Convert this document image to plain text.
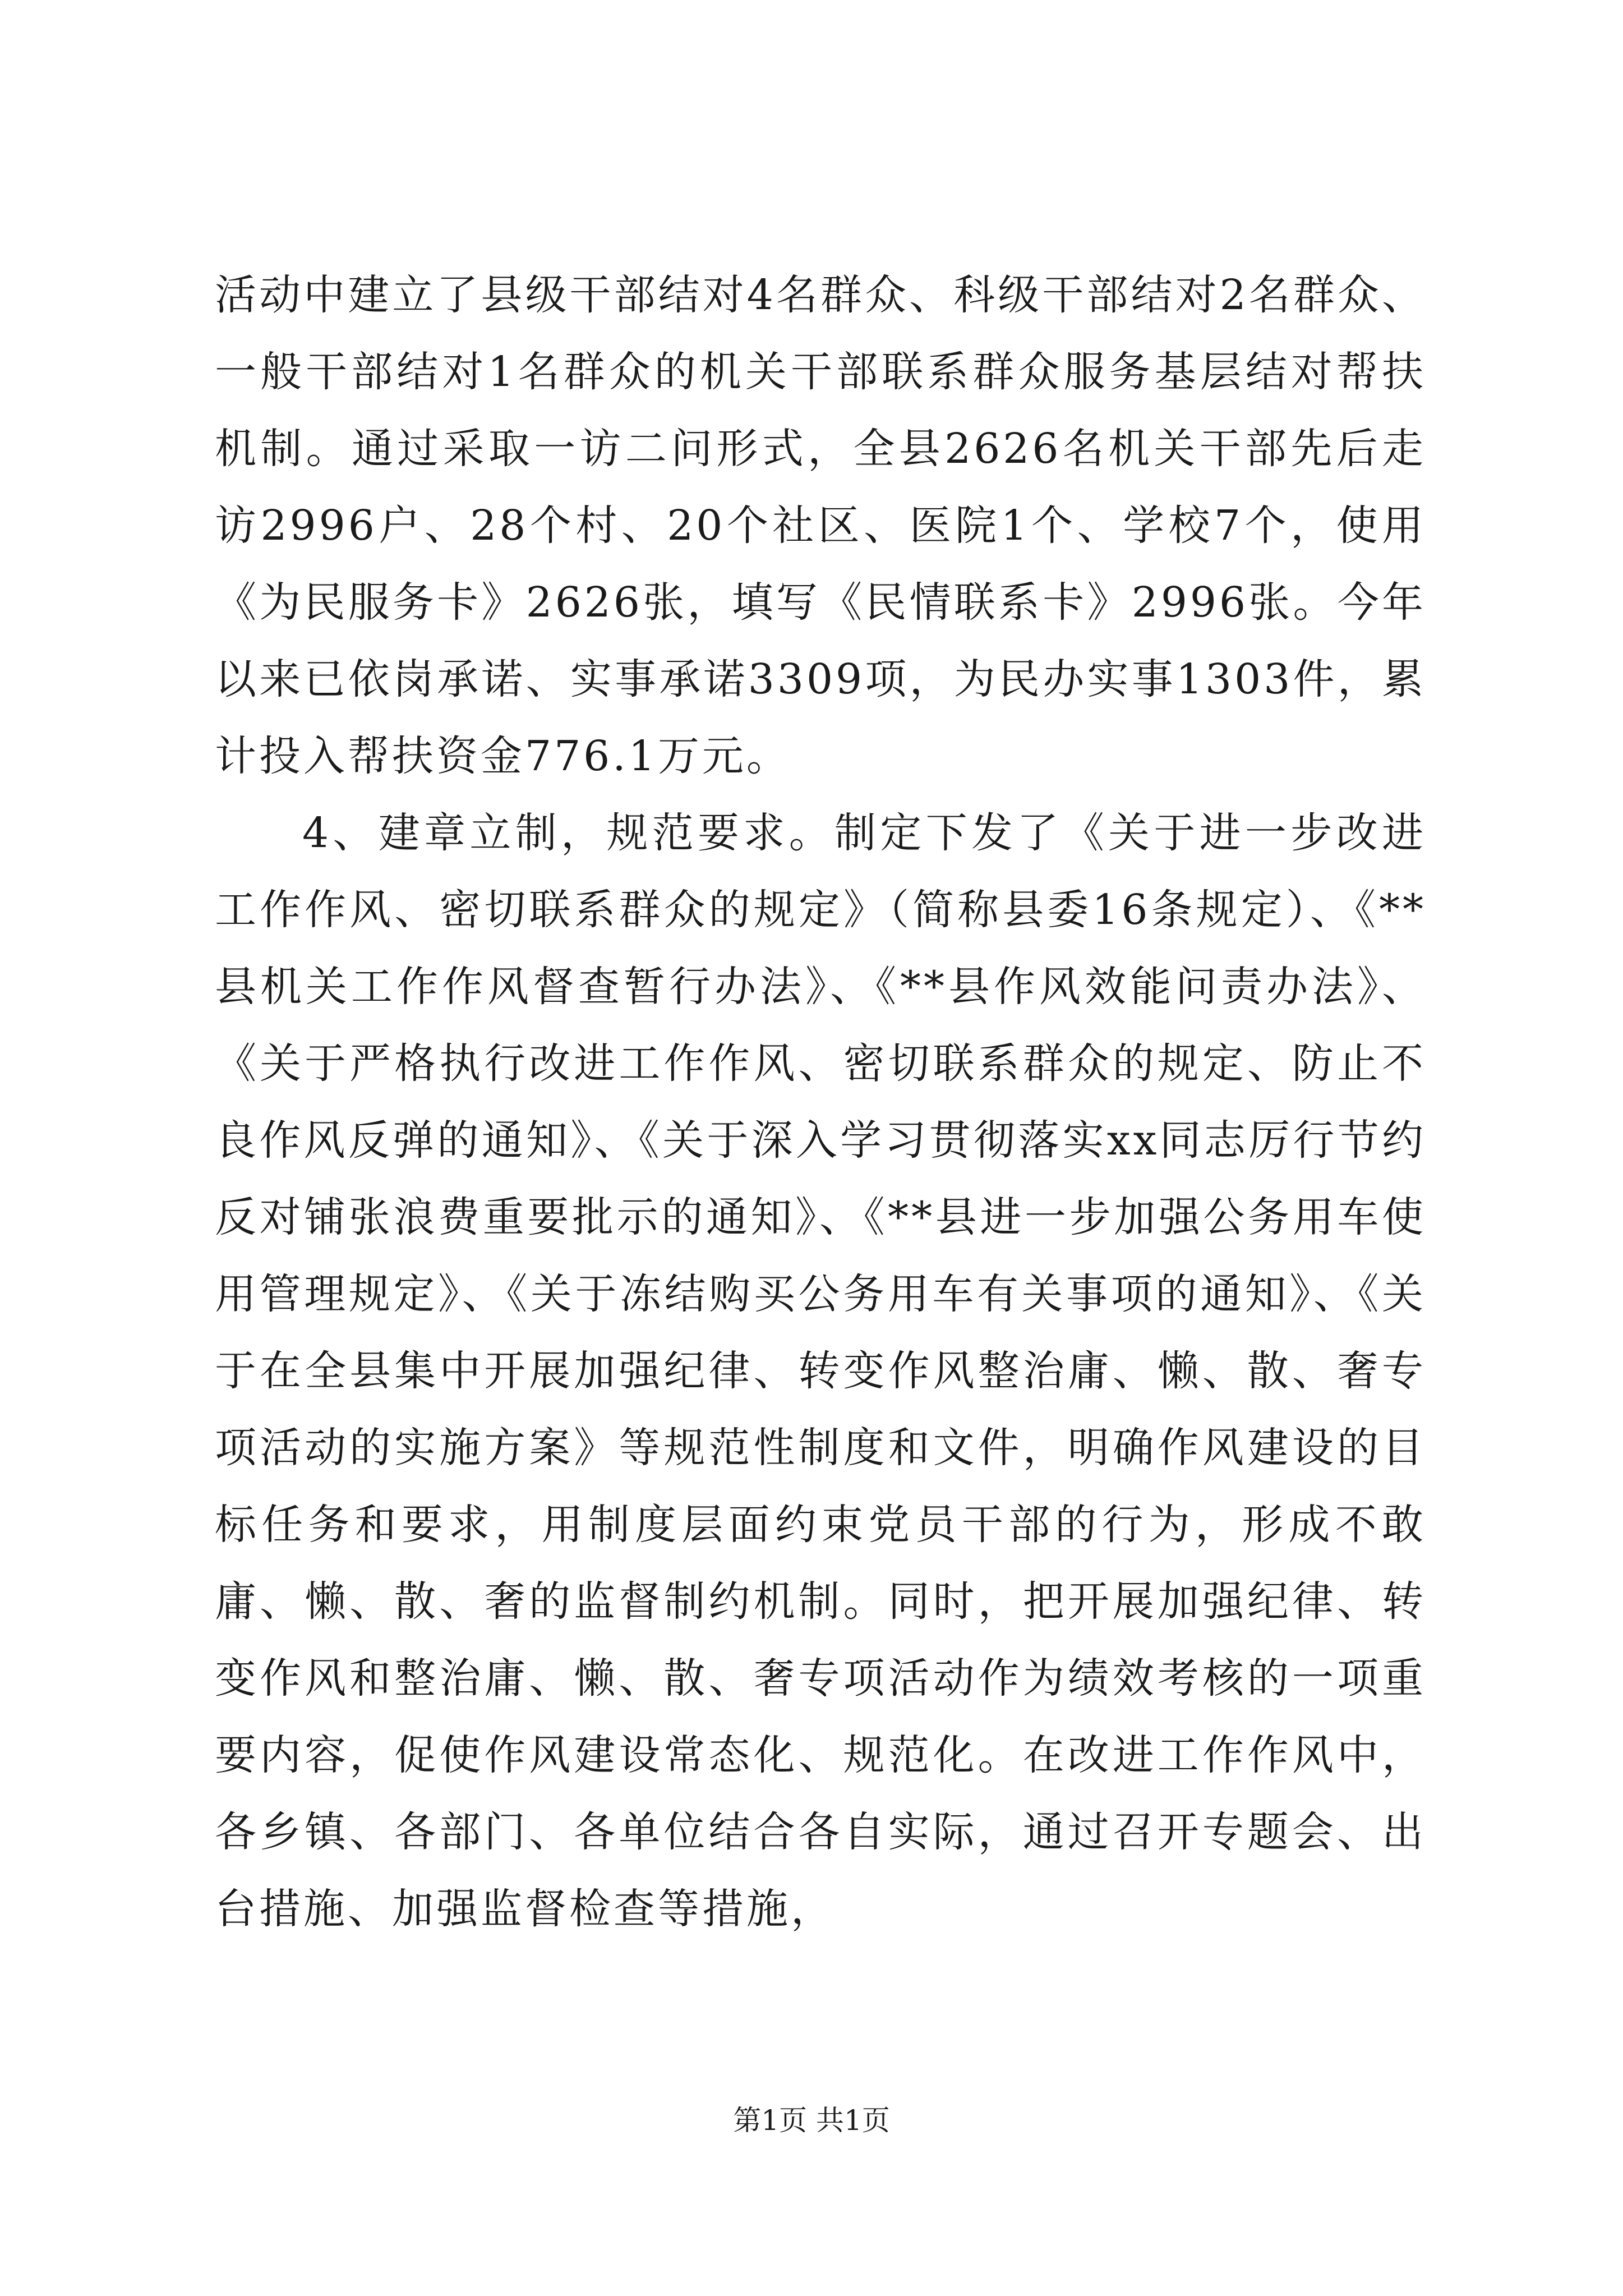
活动中建立了县级干部结对4名群众、科级干部结对2名群众、一般干部结对1名群众的机关干部联系群众服务基层结对帮扶机制。通过采取一访二问形式，全县2626名机关干部先后走访2996户、28个村、20个社区、医院1个、学校7个，使用《为民服务卡》2626张，填写《民情联系卡》2996张。今年以来已依岗承诺、实事承诺3309项，为民办实事1303件，累计投入帮扶资金776.1万元。

4、建章立制，规范要求。制定下发了《关于进一步改进工作作风、密切联系群众的规定》（简称县委16条规定）、《**县机关工作作风督查暂行办法》、《**县作风效能问责办法》、《关于严格执行改进工作作风、密切联系群众的规定、防止不良作风反弹的通知》、《关于深入学习贯彻落实xx同志厉行节约反对铺张浪费重要批示的通知》、《**县进一步加强公务用车使用管理规定》、《关于冻结购买公务用车有关事项的通知》、《关于在全县集中开展加强纪律、转变作风整治庸、懒、散、奢专项活动的实施方案》等规范性制度和文件，明确作风建设的目标任务和要求，用制度层面约束党员干部的行为，形成不敢庸、懒、散、奢的监督制约机制。同时，把开展加强纪律、转变作风和整治庸、懒、散、奢专项活动作为绩效考核的一项重要内容，促使作风建设常态化、规范化。在改进工作作风中，各乡镇、各部门、各单位结合各自实际，通过召开专题会、出台措施、加强监督检查等措施，

第1页 共1页
